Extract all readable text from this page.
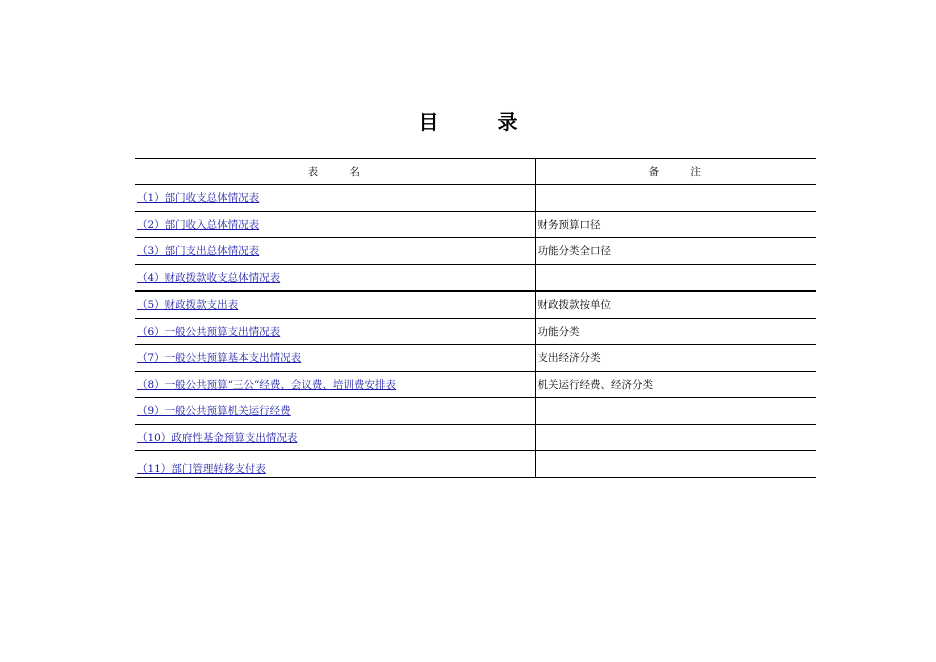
目 录
表 名	备 注
（1）部门收支总体情况表	
（2）部门收入总体情况表	财务预算口径
（3）部门支出总体情况表	功能分类全口径
（4）财政拨款收支总体情况表	
（5）财政拨款支出表	财政拨款按单位
（6）一般公共预算支出情况表	功能分类
（7）一般公共预算基本支出情况表	支出经济分类
（8）一般公共预算“三公”经费、会议费、培训费安排表	机关运行经费、经济分类
（9）一般公共预算机关运行经费	
（10）政府性基金预算支出情况表	
（11）部门管理转移支付表	
